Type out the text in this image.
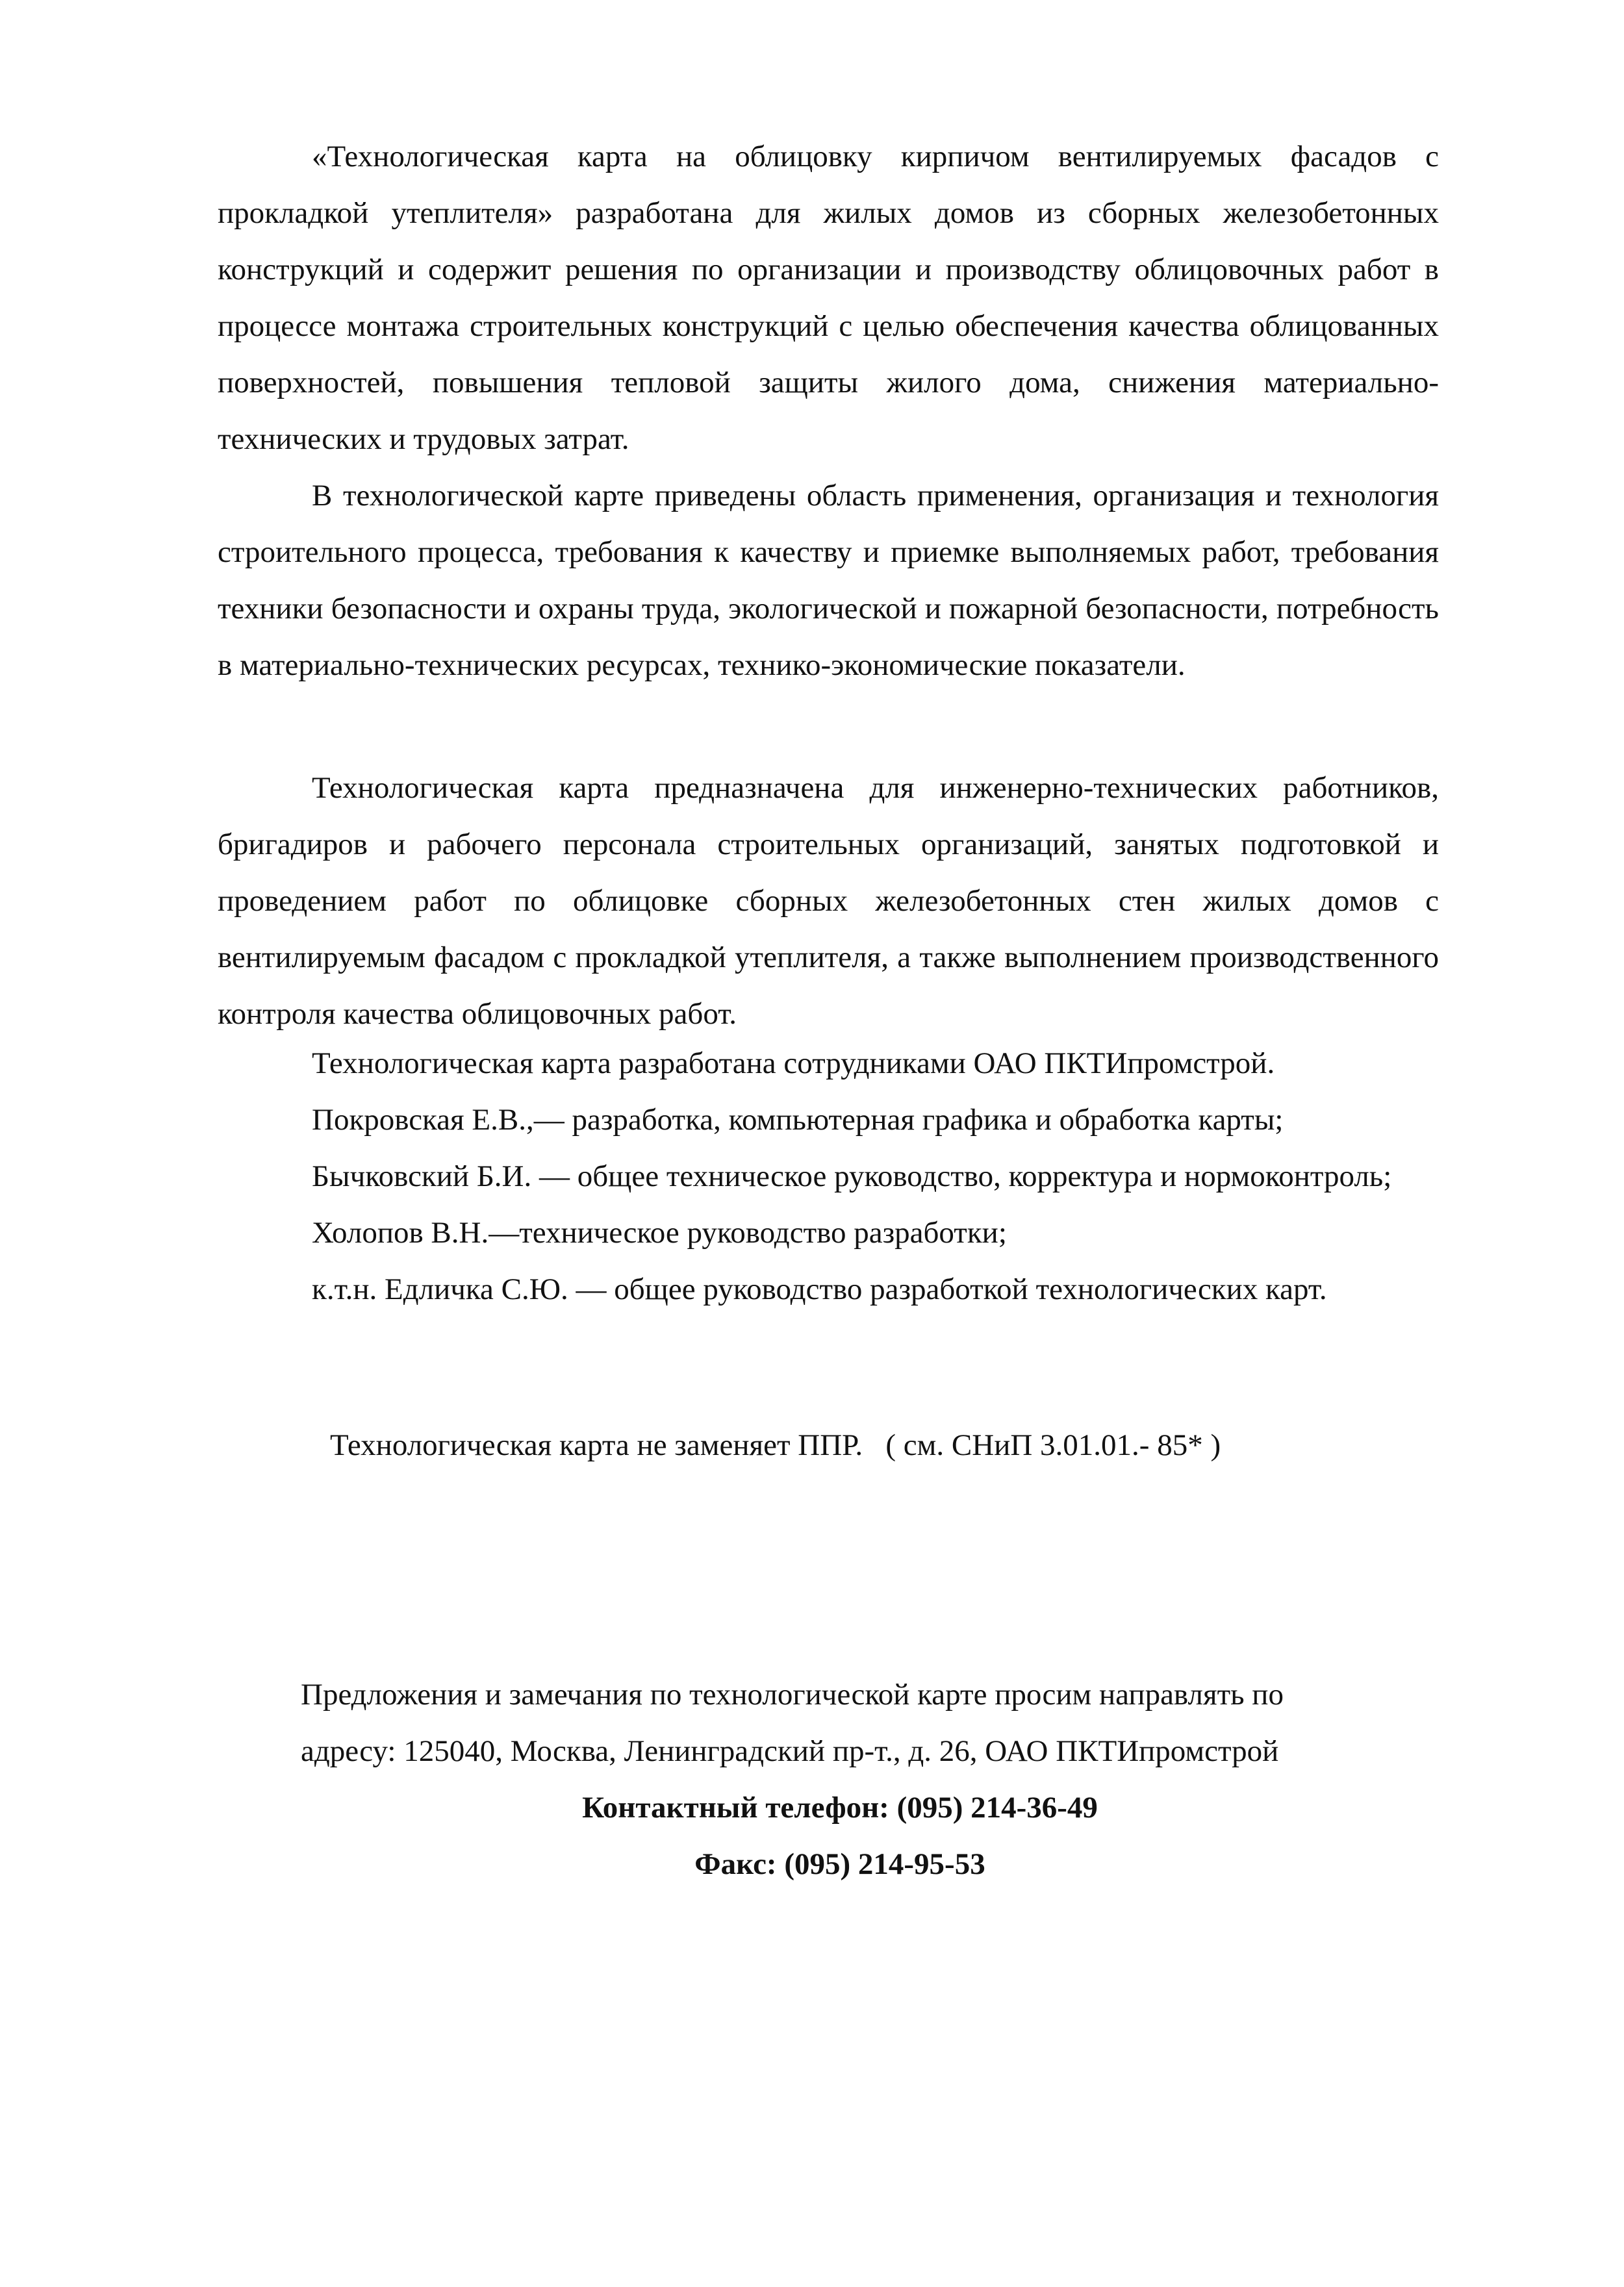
«Технологическая карта на облицовку кирпичом вентилируемых фасадов с прокладкой утеплителя» разработана для жилых домов из сборных железобетонных конструкций и содержит решения по организации и производству облицовочных работ в процессе монтажа строительных конструкций с целью обеспечения качества облицованных поверхностей, повышения тепловой защиты жилого дома, снижения материально-технических и трудовых затрат.

В технологической карте приведены область применения, организация и технология строительного процесса, требования к качеству и приемке выполняемых работ, требования техники безопасности и охраны труда, экологической и пожарной безопасности, потребность в материально-технических ресурсах, технико-экономические показатели.

Технологическая карта предназначена для инженерно-технических работников, бригадиров и рабочего персонала строительных организаций, занятых подготовкой и проведением работ по облицовке сборных железобетонных стен жилых домов с вентилируемым фасадом с прокладкой утеплителя, а также выполнением производственного контроля качества облицовочных работ.

Технологическая карта разработана сотрудниками ОАО ПКТИпромстрой.

Покровская Е.В.,— разработка, компьютерная графика и обработка карты;

Бычковский Б.И. — общее техническое руководство, корректура и нормоконтроль;

Холопов В.Н.—техническое руководство разработки;

к.т.н. Едличка С.Ю. — общее руководство разработкой технологических карт.

Технологическая карта не заменяет ППР.   ( см. СНиП 3.01.01.- 85* )

Предложения и замечания по технологической карте просим направлять по

адресу: 125040, Москва, Ленинградский пр-т., д. 26, ОАО ПКТИпромстрой

Контактный телефон: (095) 214-36-49

Факс: (095) 214-95-53
